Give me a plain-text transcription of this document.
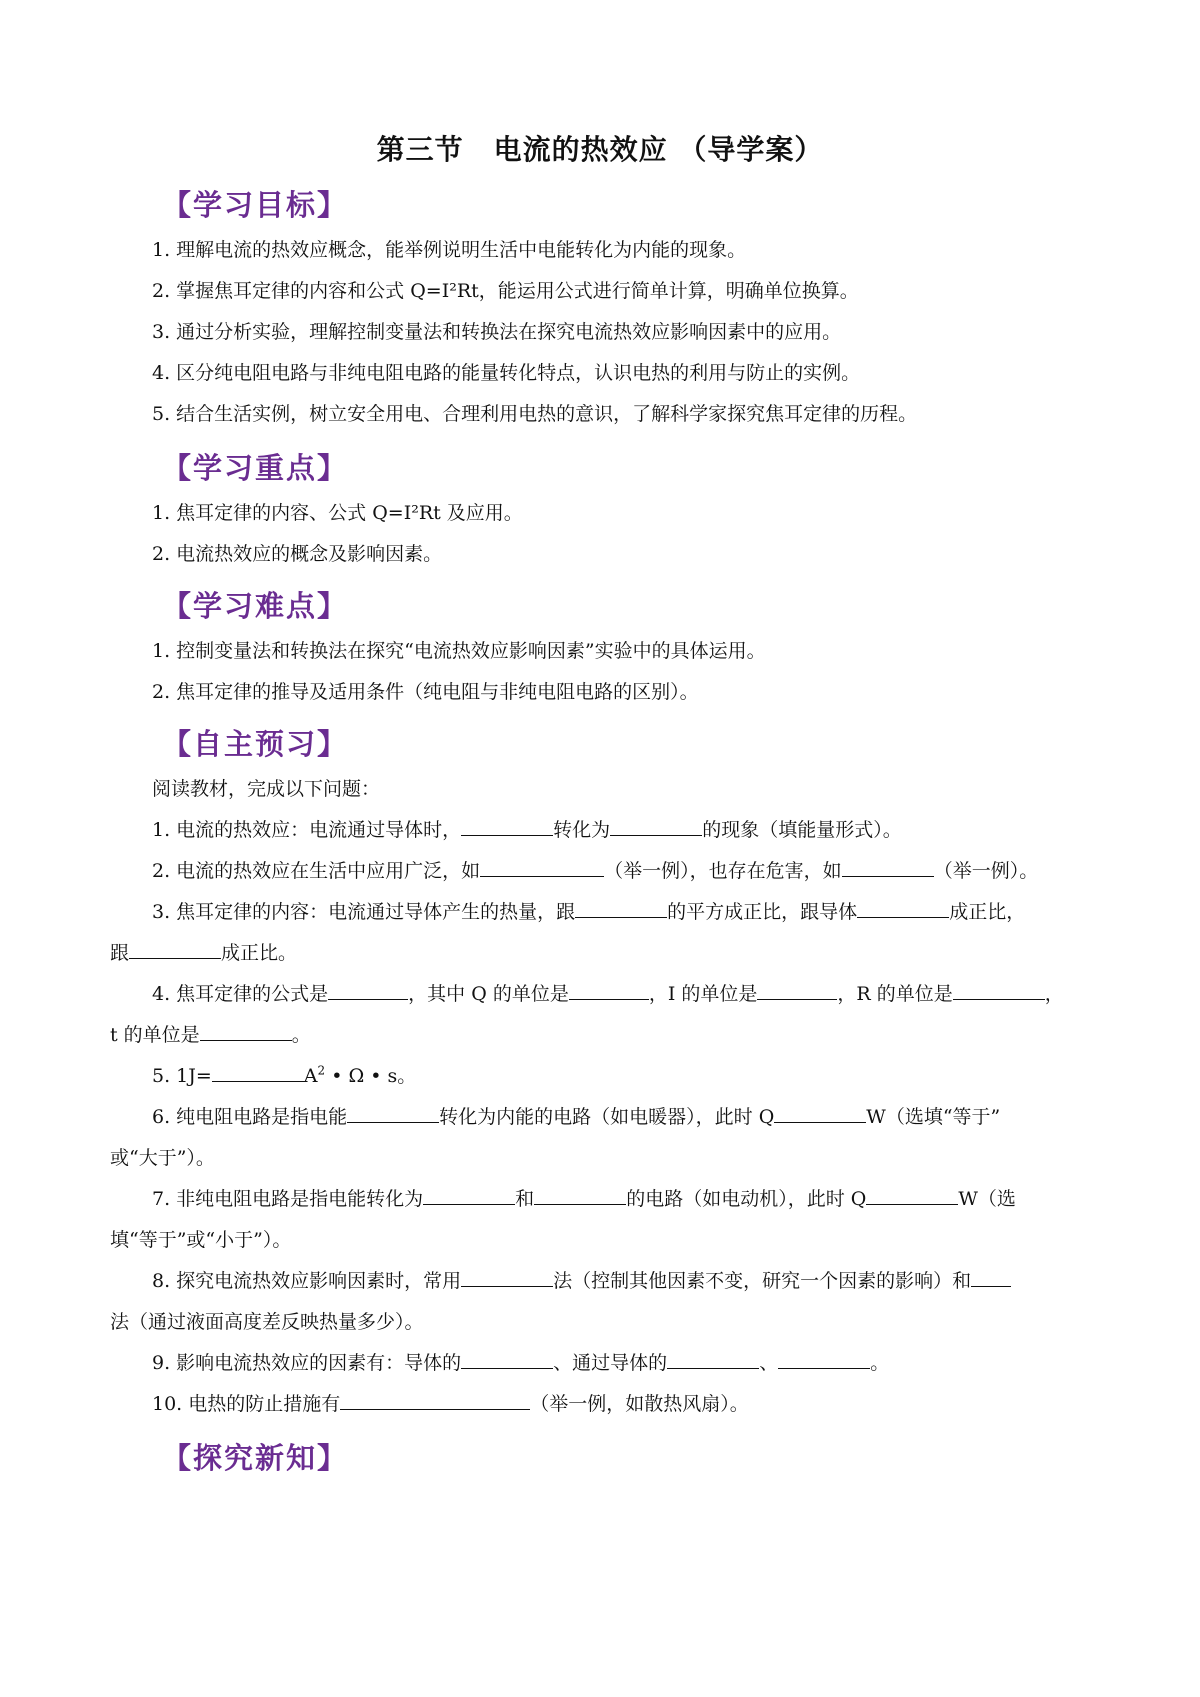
第三节 电流的热效应 （导学案）
【学习目标】
1. 理解电流的热效应概念，能举例说明生活中电能转化为内能的现象。
2. 掌握焦耳定律的内容和公式 Q=I²Rt，能运用公式进行简单计算，明确单位换算。
3. 通过分析实验，理解控制变量法和转换法在探究电流热效应影响因素中的应用。
4. 区分纯电阻电路与非纯电阻电路的能量转化特点，认识电热的利用与防止的实例。
5. 结合生活实例，树立安全用电、合理利用电热的意识，了解科学家探究焦耳定律的历程。
【学习重点】
1. 焦耳定律的内容、公式 Q=I²Rt 及应用。
2. 电流热效应的概念及影响因素。
【学习难点】
1. 控制变量法和转换法在探究“电流热效应影响因素”实验中的具体运用。
2. 焦耳定律的推导及适用条件（纯电阻与非纯电阻电路的区别）。
【自主预习】
阅读教材，完成以下问题：
1. 电流的热效应：电流通过导体时，	转化为	的现象（填能量形式）。
2. 电流的热效应在生活中应用广泛，如	（举一例），也存在危害，如	（举一例）。
3. 焦耳定律的内容：电流通过导体产生的热量，跟	的平方成正比，跟导体	成正比，
跟	成正比。
4. 焦耳定律的公式是	，其中 Q 的单位是	，I 的单位是	，R 的单位是	，
t 的单位是	。
5. 1J=	$A^2$ • Ω • s。
6. 纯电阻电路是指电能	转化为内能的电路（如电暖器），此时 Q	W（选填“等于”
或“大于”）。
7. 非纯电阻电路是指电能转化为	和	的电路（如电动机），此时 Q	W（选
填“等于”或“小于”）。
8. 探究电流热效应影响因素时，常用	法（控制其他因素不变，研究一个因素的影响）和
法（通过液面高度差反映热量多少）。
9. 影响电流热效应的因素有：导体的	、通过导体的	、	。
10. 电热的防止措施有	（举一例，如散热风扇）。
【探究新知】
